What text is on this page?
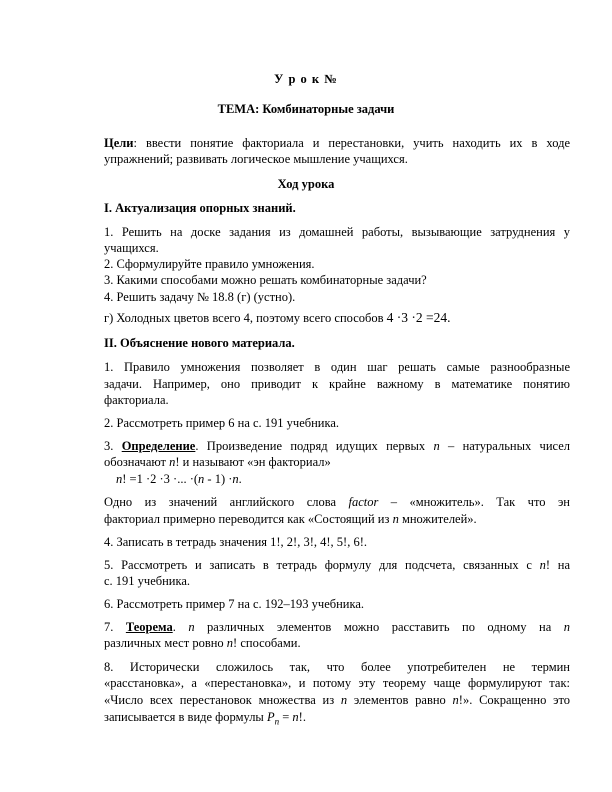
У р о к №
ТЕМА: Комбинаторные задачи
Цели: ввести понятие факториала и перестановки, учить находить их в ходе
упражнений; развивать логическое мышление учащихся.
Ход урока
I. Актуализация опорных знаний.
1. Решить на доске задания из домашней работы, вызывающие затруднения у
учащихся.
2. Сформулируйте правило умножения.
3. Какими способами можно решать комбинаторные задачи?
4. Решить задачу № 18.8 (г) (устно).
г) Холодных цветов всего 4, поэтому всего способов 4 ·3 ·2 =24.
II. Объяснение нового материала.
1. Правило умножения позволяет в один шаг решать самые разнообразные
задачи. Например, оно приводит к крайне важному в математике понятию
факториала.
2. Рассмотреть пример 6 на с. 191 учебника.
3. Определение. Произведение подряд идущих первых n – натуральных чисел
обозначают n! и называют «эн факториал»
n! =1 ·2 ·3 ·... ·(n - 1) ·n.
Одно из значений английского слова factor – «множитель». Так что эн
факториал примерно переводится как «Состоящий из n множителей».
4. Записать в тетрадь значения 1!, 2!, 3!, 4!, 5!, 6!.
5. Рассмотреть и записать в тетрадь формулу для подсчета, связанных с n! на
с. 191 учебника.
6. Рассмотреть пример 7 на с. 192–193 учебника.
7. Теорема. n различных элементов можно расставить по одному на n
различных мест ровно n! способами.
8. Исторически сложилось так, что более употребителен не термин
«расстановка», а «перестановка», и потому эту теорему чаще формулируют так:
«Число всех перестановок множества из n элементов равно n!». Сокращенно это
записывается в виде формулы $P_n = n$!.
